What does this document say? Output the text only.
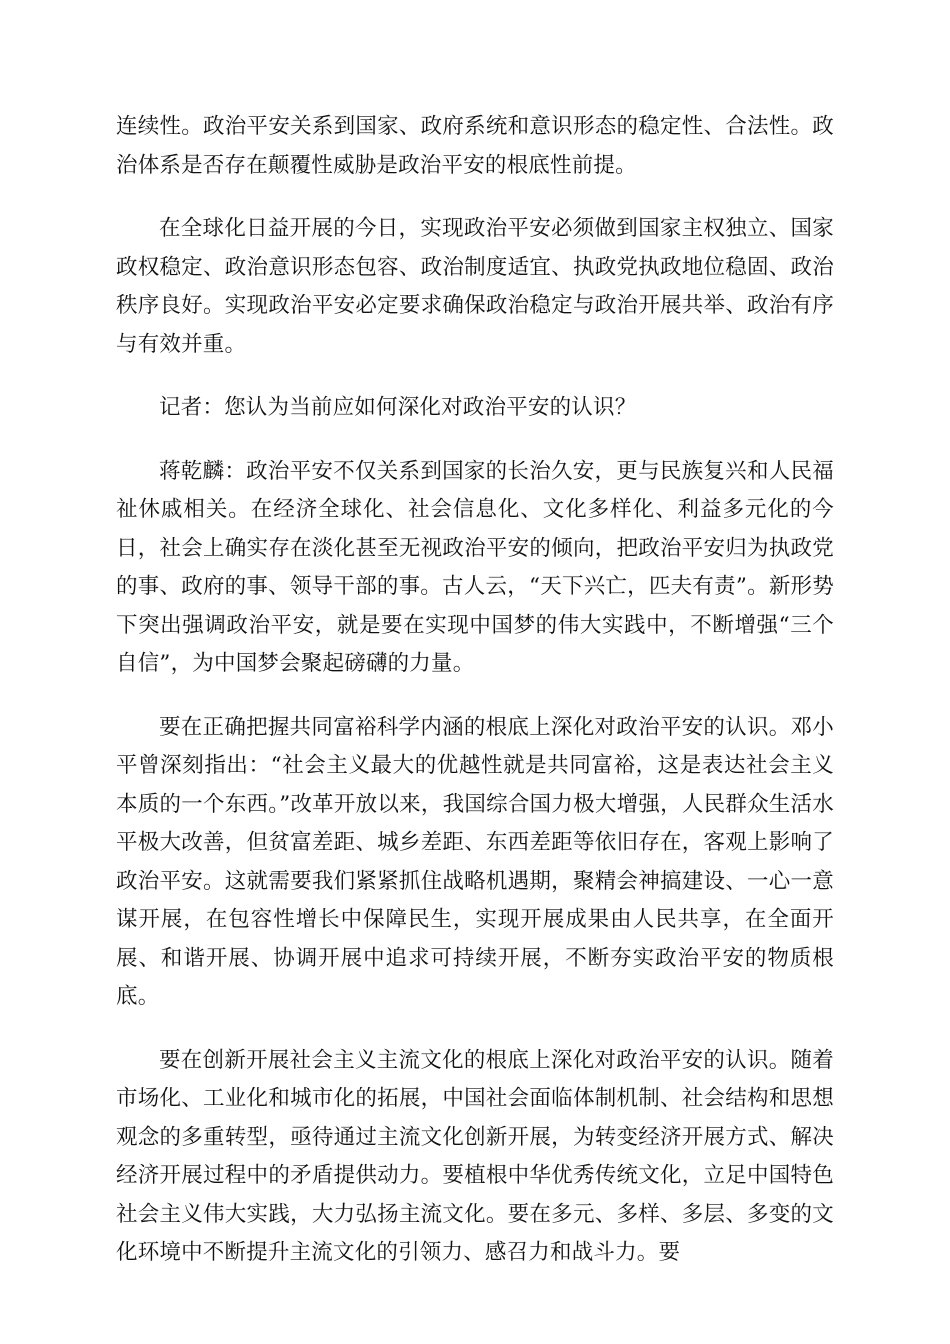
连续性。政治平安关系到国家、政府系统和意识形态的稳定性、合法性。政治体系是否存在颠覆性威胁是政治平安的根底性前提。

在全球化日益开展的今日，实现政治平安必须做到国家主权独立、国家政权稳定、政治意识形态包容、政治制度适宜、执政党执政地位稳固、政治秩序良好。实现政治平安必定要求确保政治稳定与政治开展共举、政治有序与有效并重。

记者：您认为当前应如何深化对政治平安的认识？

蒋乾麟：政治平安不仅关系到国家的长治久安，更与民族复兴和人民福祉休戚相关。在经济全球化、社会信息化、文化多样化、利益多元化的今日，社会上确实存在淡化甚至无视政治平安的倾向，把政治平安归为执政党的事、政府的事、领导干部的事。古人云，“天下兴亡，匹夫有责”。新形势下突出强调政治平安，就是要在实现中国梦的伟大实践中，不断增强“三个自信”，为中国梦会聚起磅礴的力量。

要在正确把握共同富裕科学内涵的根底上深化对政治平安的认识。邓小平曾深刻指出：“社会主义最大的优越性就是共同富裕，这是表达社会主义本质的一个东西。”改革开放以来，我国综合国力极大增强，人民群众生活水平极大改善，但贫富差距、城乡差距、东西差距等依旧存在，客观上影响了政治平安。这就需要我们紧紧抓住战略机遇期，聚精会神搞建设、一心一意谋开展，在包容性增长中保障民生，实现开展成果由人民共享，在全面开展、和谐开展、协调开展中追求可持续开展，不断夯实政治平安的物质根底。

要在创新开展社会主义主流文化的根底上深化对政治平安的认识。随着市场化、工业化和城市化的拓展，中国社会面临体制机制、社会结构和思想观念的多重转型，亟待通过主流文化创新开展，为转变经济开展方式、解决经济开展过程中的矛盾提供动力。要植根中华优秀传统文化，立足中国特色社会主义伟大实践，大力弘扬主流文化。要在多元、多样、多层、多变的文化环境中不断提升主流文化的引领力、感召力和战斗力。要
